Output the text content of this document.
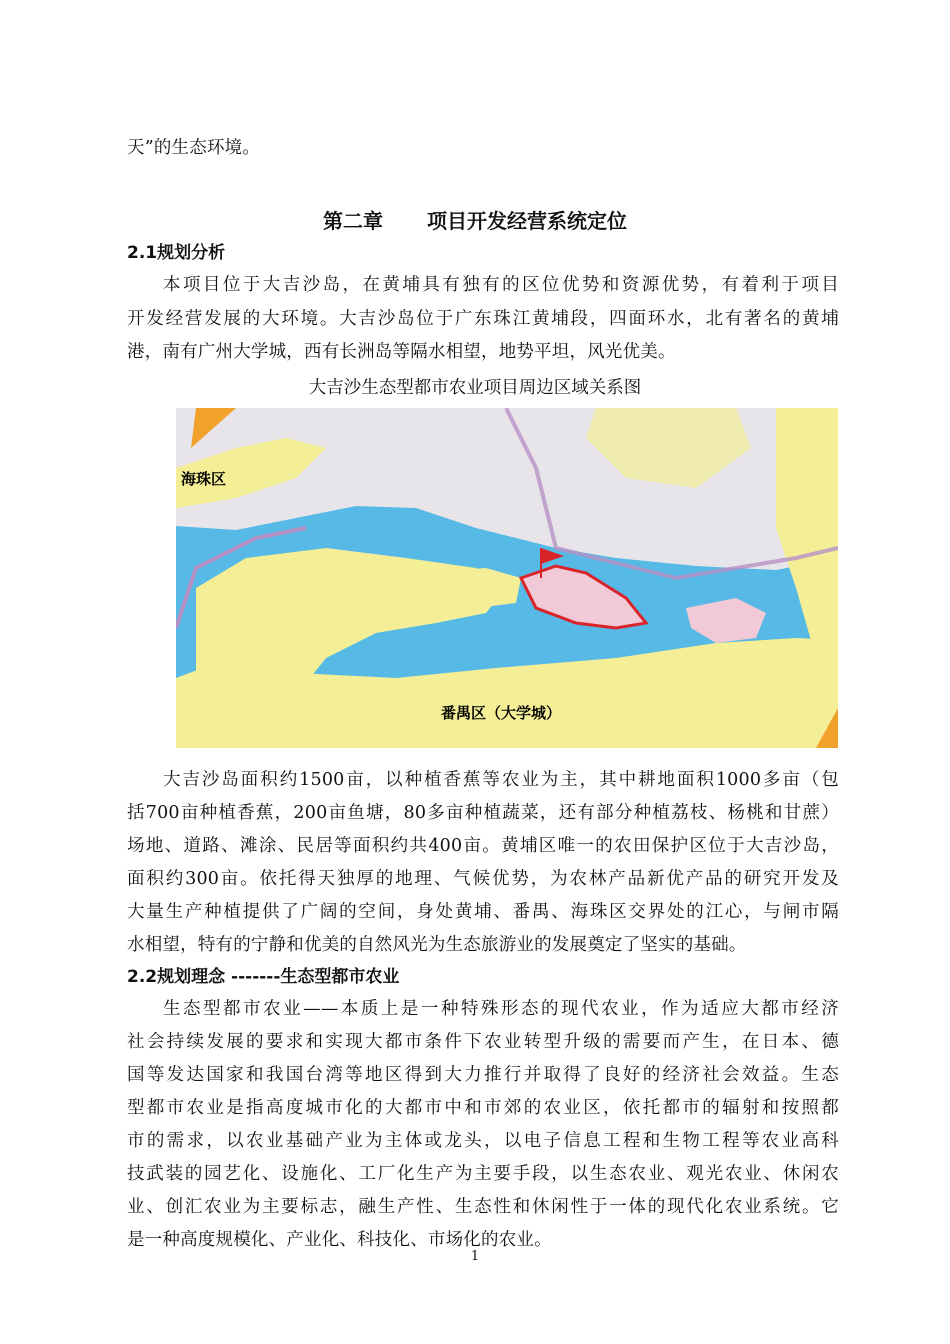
天”的生态环境。
第二章 项目开发经营系统定位
2.1规划分析
本项目位于大吉沙岛，在黄埔具有独有的区位优势和资源优势，有着利于项目
开发经营发展的大环境。大吉沙岛位于广东珠江黄埔段，四面环水，北有著名的黄埔
港，南有广州大学城，西有长洲岛等隔水相望，地势平坦，风光优美。
大吉沙生态型都市农业项目周边区域关系图
海珠区
番禺区（大学城）
大吉沙岛面积约1500亩，以种植香蕉等农业为主，其中耕地面积1000多亩（包
括700亩种植香蕉，200亩鱼塘，80多亩种植蔬菜，还有部分种植荔枝、杨桃和甘蔗）
场地、道路、滩涂、民居等面积约共400亩。黄埔区唯一的农田保护区位于大吉沙岛，
面积约300亩。依托得天独厚的地理、气候优势，为农林产品新优产品的研究开发及
大量生产种植提供了广阔的空间，身处黄埔、番禺、海珠区交界处的江心，与闸市隔
水相望，特有的宁静和优美的自然风光为生态旅游业的发展奠定了坚实的基础。
2.2规划理念 -------生态型都市农业
生态型都市农业——本质上是一种特殊形态的现代农业，作为适应大都市经济
社会持续发展的要求和实现大都市条件下农业转型升级的需要而产生，在日本、德
国等发达国家和我国台湾等地区得到大力推行并取得了良好的经济社会效益。生态
型都市农业是指高度城市化的大都市中和市郊的农业区，依托都市的辐射和按照都
市的需求，以农业基础产业为主体或龙头，以电子信息工程和生物工程等农业高科
技武装的园艺化、设施化、工厂化生产为主要手段，以生态农业、观光农业、休闲农
业、创汇农业为主要标志，融生产性、生态性和休闲性于一体的现代化农业系统。它
是一种高度规模化、产业化、科技化、市场化的农业。
1
